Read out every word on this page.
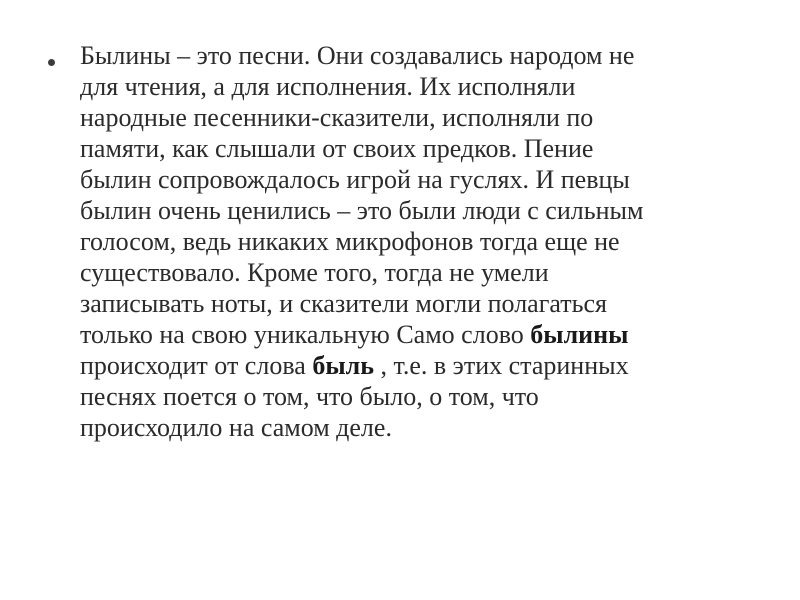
Былины – это песни. Они создавались народом не
для чтения, а для исполнения. Их исполняли
народные песенники-сказители, исполняли по
памяти, как слышали от своих предков. Пение
былин сопровождалось игрой на гуслях. И певцы
былин очень ценились – это были люди с сильным
голосом, ведь никаких микрофонов тогда еще не
существовало. Кроме того, тогда не умели
записывать ноты, и сказители могли полагаться
только на свою уникальную Само слово былины
происходит от слова быль , т.е. в этих старинных
песнях поется о том, что было, о том, что
происходило на самом деле.
